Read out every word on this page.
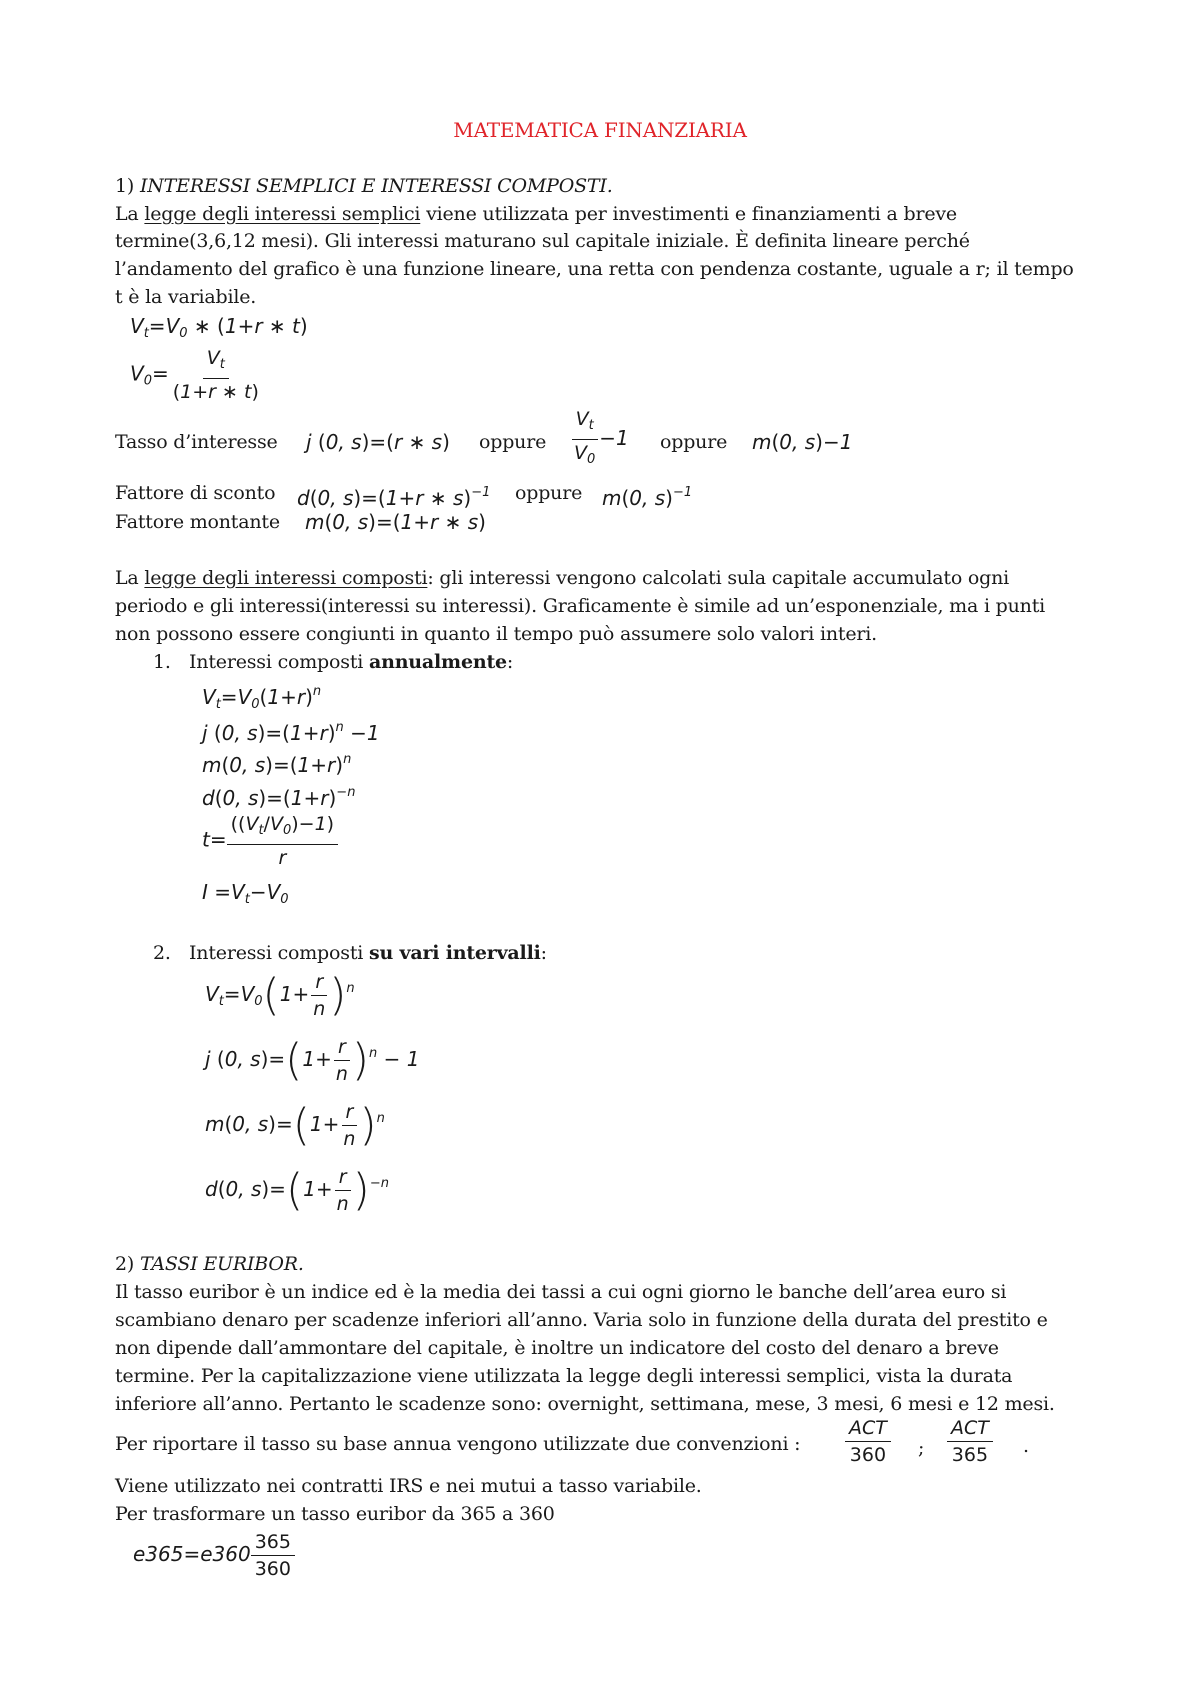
MATEMATICA FINANZIARIA
1) INTERESSI SEMPLICI E INTERESSI COMPOSTI.
La legge degli interessi semplici viene utilizzata per investimenti e finanziamenti a breve
termine(3,6,12 mesi). Gli interessi maturano sul capitale iniziale. È definita lineare perché
l’andamento del grafico è una funzione lineare, una retta con pendenza costante, uguale a r; il tempo
t è la variabile.
$V_t=V_0$ ∗ (1+r ∗ t)
$V_0= \frac{V_t}{(1+r ∗ t)}$
Tasso d’interesse j (0, s)=(r ∗ s) oppure $\frac{V_t}{V_0} -1$ oppure m(0, s)−1
Fattore di sconto d(0, s)=(1+r ∗ s)$^{-1}$ oppure m(0, s)$^{-1}$
Fattore montante m(0, s)=(1+r ∗ s)
La legge degli interessi composti: gli interessi vengono calcolati sula capitale accumulato ogni
periodo e gli interessi(interessi su interessi). Graficamente è simile ad un’esponenziale, ma i punti
non possono essere congiunti in quanto il tempo può assumere solo valori interi.
1. Interessi composti annualmente:
$V_t=V_0(1+r)^n$
j (0, $s)=(1+r)^n -1$
m(0, $s)=(1+r)^n$
d(0, $s)=(1+r)^{-n}$
$t= \frac{((V_t/V_0)-1)}{r}$
$I =V_t-V_0$
2. Interessi composti su vari intervalli:
$V_t=V_0(1+ \frac{r}{n} )^n$
j (0, $s)=(1+ \frac{r}{n} )^n - 1$
m(0, $s)=(1+ \frac{r}{n} )^n$
d(0, $s)=(1+ \frac{r}{n} )^{-n}$
2) TASSI EURIBOR.
Il tasso euribor è un indice ed è la media dei tassi a cui ogni giorno le banche dell’area euro si
scambiano denaro per scadenze inferiori all’anno. Varia solo in funzione della durata del prestito e
non dipende dall’ammontare del capitale, è inoltre un indicatore del costo del denaro a breve
termine. Per la capitalizzazione viene utilizzata la legge degli interessi semplici, vista la durata
inferiore all’anno. Pertanto le scadenze sono: overnight, settimana, mese, 3 mesi, 6 mesi e 12 mesi.
Per riportare il tasso su base annua vengono utilizzate due convenzioni : $\frac{\text{ACT}}{360}$ ; $\frac{\text{ACT}}{365}$ .
Viene utilizzato nei contratti IRS e nei mutui a tasso variabile.
Per trasformare un tasso euribor da 365 a 360
$e365=e360 \frac{365}{360}$
